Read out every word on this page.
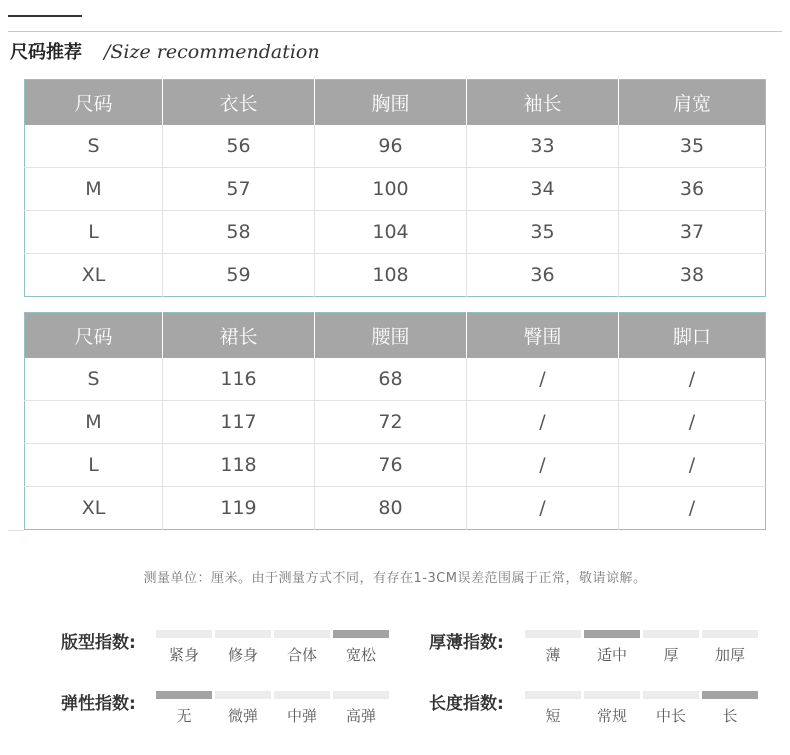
尺码推荐 /Size recommendation
尺码	衣长	胸围	袖长	肩宽
S	56	96	33	35
M	57	100	34	36
L	58	104	35	37
XL	59	108	36	38
尺码	裙长	腰围	臀围	脚口
S	116	68	/	/
M	117	72	/	/
L	118	76	/	/
XL	119	80	/	/
测量单位：厘米。由于测量方式不同，有存在1-3CM误差范围属于正常，敬请谅解。
版型指数:
紧身	修身	合体	宽松
厚薄指数:
薄	适中	厚	加厚
弹性指数:
无	微弹	中弹	高弹
长度指数:
短	常规	中长	长
